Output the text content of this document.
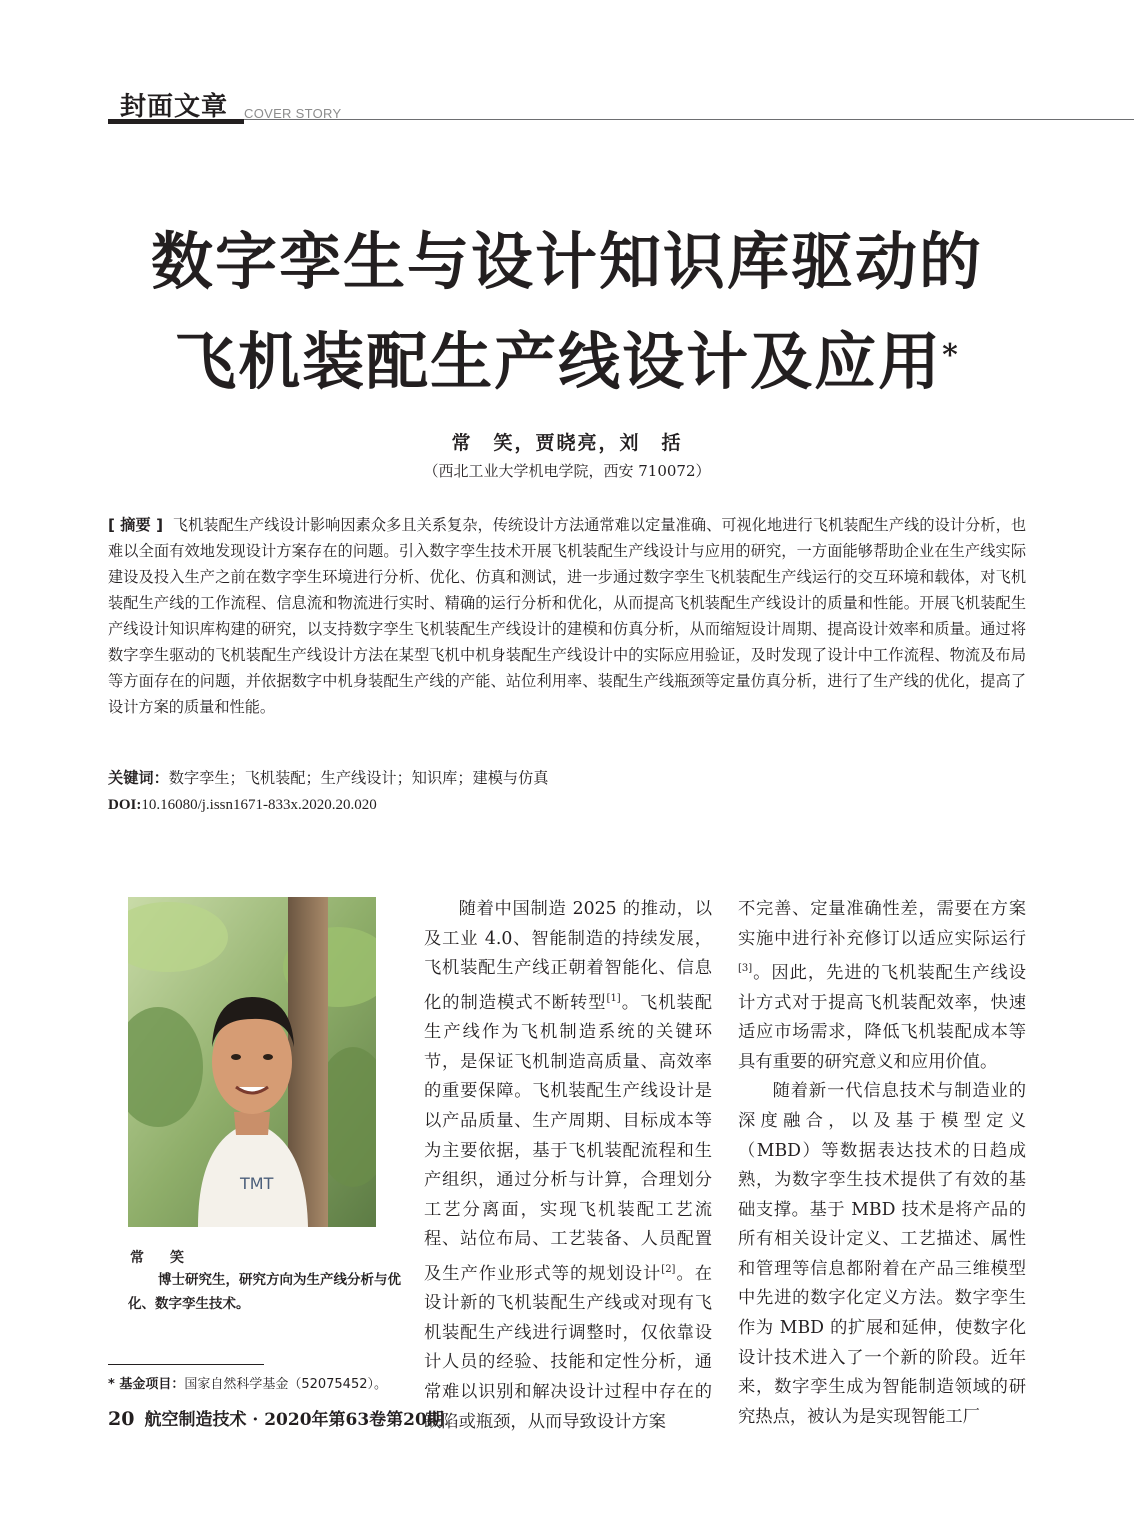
封面文章 COVER STORY
数字孪生与设计知识库驱动的
飞机装配生产线设计及应用*
常　笑，贾晓亮，刘　括
（西北工业大学机电学院，西安 710072）
[ 摘要 ] 飞机装配生产线设计影响因素众多且关系复杂，传统设计方法通常难以定量准确、可视化地进行飞机装配生产线的设计分析，也难以全面有效地发现设计方案存在的问题。引入数字孪生技术开展飞机装配生产线设计与应用的研究，一方面能够帮助企业在生产线实际建设及投入生产之前在数字孪生环境进行分析、优化、仿真和测试，进一步通过数字孪生飞机装配生产线运行的交互环境和载体，对飞机装配生产线的工作流程、信息流和物流进行实时、精确的运行分析和优化，从而提高飞机装配生产线设计的质量和性能。开展飞机装配生产线设计知识库构建的研究，以支持数字孪生飞机装配生产线设计的建模和仿真分析，从而缩短设计周期、提高设计效率和质量。通过将数字孪生驱动的飞机装配生产线设计方法在某型飞机中机身装配生产线设计中的实际应用验证，及时发现了设计中工作流程、物流及布局等方面存在的问题，并依据数字中机身装配生产线的产能、站位利用率、装配生产线瓶颈等定量仿真分析，进行了生产线的优化，提高了设计方案的质量和性能。
关键词：数字孪生；飞机装配；生产线设计；知识库；建模与仿真
DOI:10.16080/j.issn1671-833x.2020.20.020
TMT
常　笑
博士研究生，研究方向为生产线分析与优化、数字孪生技术。
* 基金项目：国家自然科学基金（52075452）。

随着中国制造 2025 的推动，以及工业 4.0、智能制造的持续发展，飞机装配生产线正朝着智能化、信息化的制造模式不断转型[1]。飞机装配生产线作为飞机制造系统的关键环节，是保证飞机制造高质量、高效率的重要保障。飞机装配生产线设计是以产品质量、生产周期、目标成本等为主要依据，基于飞机装配流程和生产组织，通过分析与计算，合理划分工艺分离面，实现飞机装配工艺流程、站位布局、工艺装备、人员配置及生产作业形式等的规划设计[2]。在设计新的飞机装配生产线或对现有飞机装配生产线进行调整时，仅依靠设计人员的经验、技能和定性分析，通常难以识别和解决设计过程中存在的缺陷或瓶颈，从而导致设计方案

不完善、定量准确性差，需要在方案实施中进行补充修订以适应实际运行[3]。因此，先进的飞机装配生产线设计方式对于提高飞机装配效率，快速适应市场需求，降低飞机装配成本等具有重要的研究意义和应用价值。

随着新一代信息技术与制造业的深度融合，以及基于模型定义（MBD）等数据表达技术的日趋成熟，为数字孪生技术提供了有效的基础支撑。基于 MBD 技术是将产品的所有相关设计定义、工艺描述、属性和管理等信息都附着在产品三维模型中先进的数字化定义方法。数字孪生作为 MBD 的扩展和延伸，使数字化设计技术进入了一个新的阶段。近年来，数字孪生成为智能制造领域的研究热点，被认为是实现智能工厂

20 航空制造技术 · 2020年第63卷第20期
